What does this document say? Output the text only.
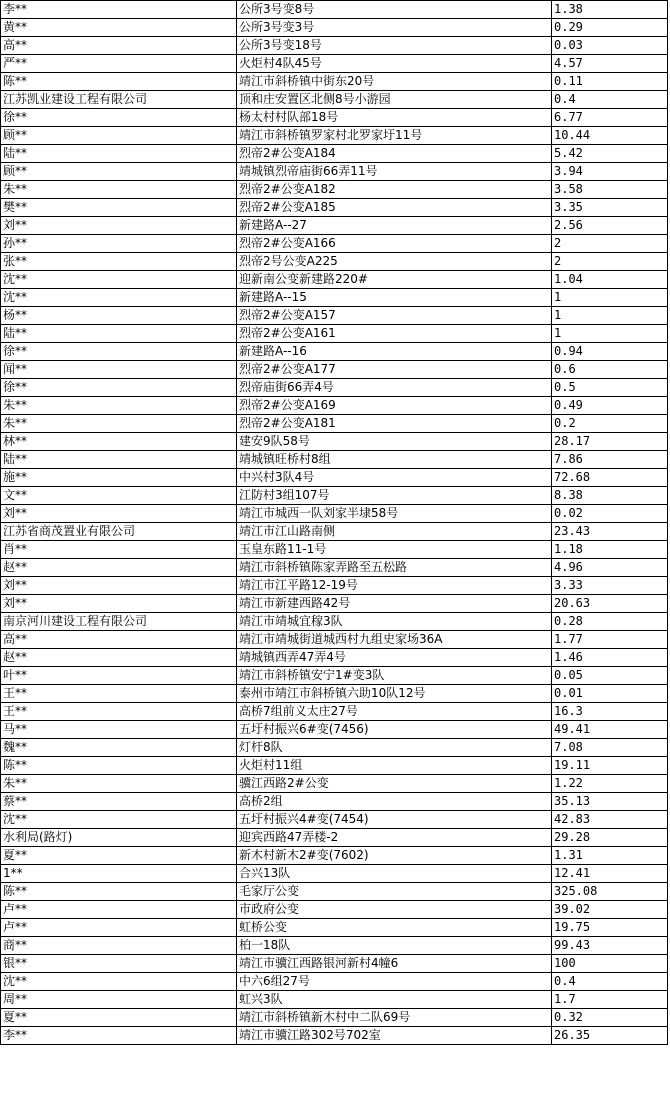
李**	公所3号变8号	1.38
黄**	公所3号变3号	0.29
高**	公所3号变18号	0.03
严**	火炬村4队45号	4.57
陈**	靖江市斜桥镇中街东20号	0.11
江苏凯业建设工程有限公司	顶和庄安置区北侧8号小游园	0.4
徐**	杨太村村队部18号	6.77
顾**	靖江市斜桥镇罗家村北罗家圩11号	10.44
陆**	烈帝2#公变A184	5.42
顾**	靖城镇烈帝庙街66弄11号	3.94
朱**	烈帝2#公变A182	3.58
樊**	烈帝2#公变A185	3.35
刘**	新建路A--27	2.56
孙**	烈帝2#公变A166	2
张**	烈帝2号公变A225	2
沈**	迎新南公变新建路220#	1.04
沈**	新建路A--15	1
杨**	烈帝2#公变A157	1
陆**	烈帝2#公变A161	1
徐**	新建路A--16	0.94
闻**	烈帝2#公变A177	0.6
徐**	烈帝庙街66弄4号	0.5
朱**	烈帝2#公变A169	0.49
朱**	烈帝2#公变A181	0.2
林**	建安9队58号	28.17
陆**	靖城镇旺桥村8组	7.86
施**	中兴村3队4号	72.68
文**	江防村3组107号	8.38
刘**	靖江市城西一队刘家半埭58号	0.02
江苏省商茂置业有限公司	靖江市江山路南侧	23.43
肖**	玉皇东路11-1号	1.18
赵**	靖江市斜桥镇陈家弄路至五松路	4.96
刘**	靖江市江平路12-19号	3.33
刘**	靖江市新建西路42号	20.63
南京河川建设工程有限公司	靖江市靖城宜稼3队	0.28
高**	靖江市靖城街道城西村九组史家场36A	1.77
赵**	靖城镇西弄47弄4号	1.46
叶**	靖江市斜桥镇安宁1#变3队	0.05
王**	泰州市靖江市斜桥镇六助10队12号	0.01
王**	高桥7组前义太庄27号	16.3
马**	五圩村振兴6#变(7456)	49.41
魏**	灯杆8队	7.08
陈**	火炬村11组	19.11
朱**	骥江西路2#公变	1.22
蔡**	高桥2组	35.13
沈**	五圩村振兴4#变(7454)	42.83
水利局(路灯)	迎宾西路47弄楼-2	29.28
夏**	新木村新木2#变(7602)	1.31
1**	合兴13队	12.41
陈**	毛家厅公变	325.08
卢**	市政府公变	39.02
卢**	虹桥公变	19.75
商**	柏一18队	99.43
银**	靖江市骥江西路银河新村4幢6	100
沈**	中六6组27号	0.4
周**	虹兴3队	1.7
夏**	靖江市斜桥镇新木村中二队69号	0.32
李**	靖江市骥江路302号702室	26.35
